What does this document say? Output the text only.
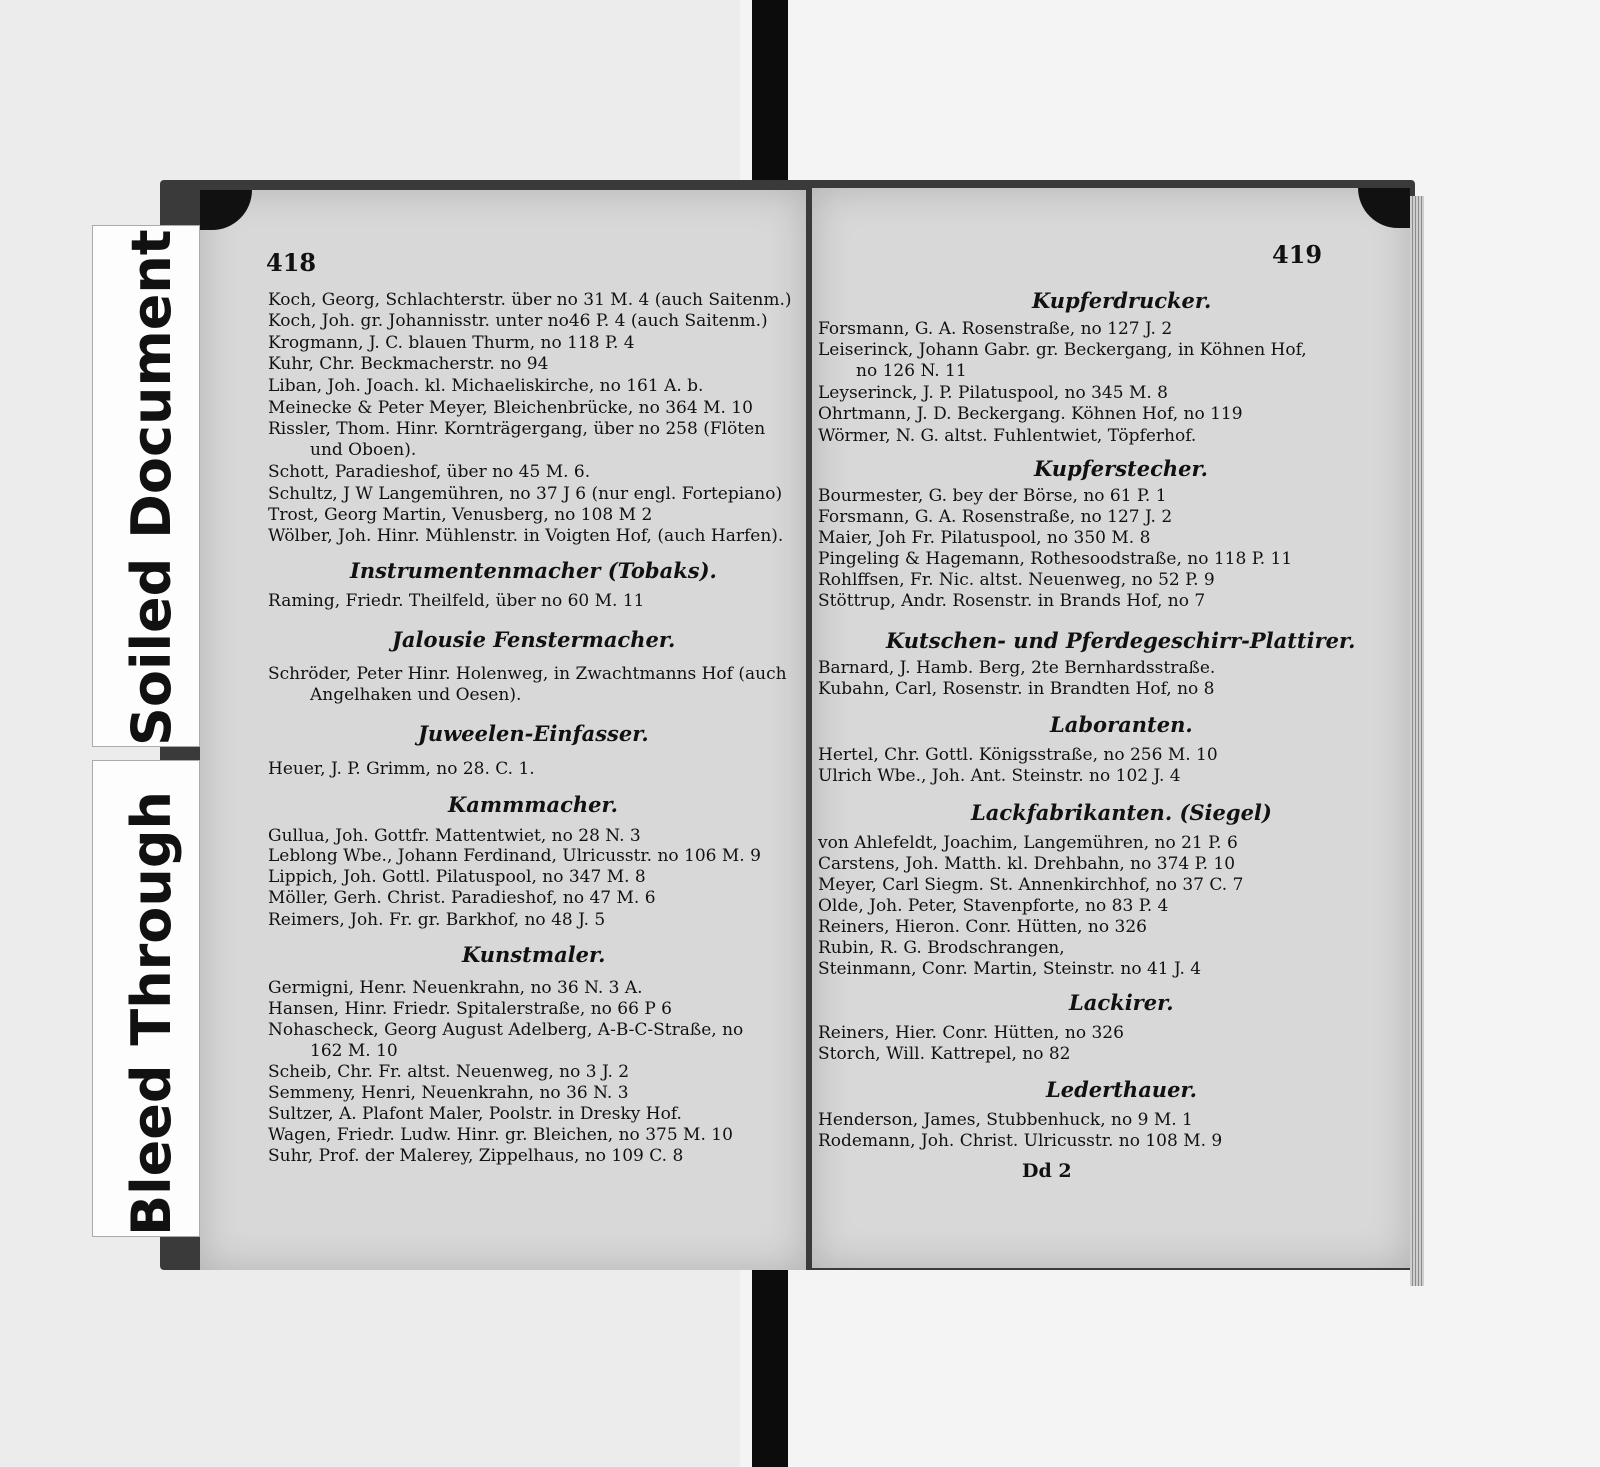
Soiled Document
Bleed Through
418
Koch, Georg, Schlachterstr. über no 31 M. 4 (auch Saitenm.)
Koch, Joh. gr. Johannisstr. unter no46 P. 4 (auch Saitenm.)
Krogmann, J. C. blauen Thurm, no 118 P. 4
Kuhr, Chr. Beckmacherstr. no 94
Liban, Joh. Joach. kl. Michaeliskirche, no 161 A. b.
Meinecke & Peter Meyer, Bleichenbrücke, no 364 M. 10
Rissler, Thom. Hinr. Kornträgergang, über no 258 (Flöten
und Oboen).
Schott, Paradieshof, über no 45 M. 6.
Schultz, J W Langemühren, no 37 J 6 (nur engl. Fortepiano)
Trost, Georg Martin, Venusberg, no 108 M 2
Wölber, Joh. Hinr. Mühlenstr. in Voigten Hof, (auch Harfen).
Instrumentenmacher (Tobaks).
Raming, Friedr. Theilfeld, über no 60 M. 11
Jalousie Fenstermacher.
Schröder, Peter Hinr. Holenweg, in Zwachtmanns Hof (auch
Angelhaken und Oesen).
Juweelen-Einfasser.
Heuer, J. P. Grimm, no 28. C. 1.
Kammmacher.
Gullua, Joh. Gottfr. Mattentwiet, no 28 N. 3
Leblong Wbe., Johann Ferdinand, Ulricusstr. no 106 M. 9
Lippich, Joh. Gottl. Pilatuspool, no 347 M. 8
Möller, Gerh. Christ. Paradieshof, no 47 M. 6
Reimers, Joh. Fr. gr. Barkhof, no 48 J. 5
Kunstmaler.
Germigni, Henr. Neuenkrahn, no 36 N. 3 A.
Hansen, Hinr. Friedr. Spitalerstraße, no 66 P 6
Nohascheck, Georg August Adelberg, A-B-C-Straße, no
162 M. 10
Scheib, Chr. Fr. altst. Neuenweg, no 3 J. 2
Semmeny, Henri, Neuenkrahn, no 36 N. 3
Sultzer, A. Plafont Maler, Poolstr. in Dresky Hof.
Wagen, Friedr. Ludw. Hinr. gr. Bleichen, no 375 M. 10
Suhr, Prof. der Malerey, Zippelhaus, no 109 C. 8
419
Kupferdrucker.
Forsmann, G. A. Rosenstraße, no 127 J. 2
Leiserinck, Johann Gabr. gr. Beckergang, in Köhnen Hof,
no 126 N. 11
Leyserinck, J. P. Pilatuspool, no 345 M. 8
Ohrtmann, J. D. Beckergang. Köhnen Hof, no 119
Wörmer, N. G. altst. Fuhlentwiet, Töpferhof.
Kupferstecher.
Bourmester, G. bey der Börse, no 61 P. 1
Forsmann, G. A. Rosenstraße, no 127 J. 2
Maier, Joh Fr. Pilatuspool, no 350 M. 8
Pingeling & Hagemann, Rothesoodstraße, no 118 P. 11
Rohlffsen, Fr. Nic. altst. Neuenweg, no 52 P. 9
Stöttrup, Andr. Rosenstr. in Brands Hof, no 7
Kutschen- und Pferdegeschirr-Plattirer.
Barnard, J. Hamb. Berg, 2te Bernhardsstraße.
Kubahn, Carl, Rosenstr. in Brandten Hof, no 8
Laboranten.
Hertel, Chr. Gottl. Königsstraße, no 256 M. 10
Ulrich Wbe., Joh. Ant. Steinstr. no 102 J. 4
Lackfabrikanten. (Siegel)
von Ahlefeldt, Joachim, Langemühren, no 21 P. 6
Carstens, Joh. Matth. kl. Drehbahn, no 374 P. 10
Meyer, Carl Siegm. St. Annenkirchhof, no 37 C. 7
Olde, Joh. Peter, Stavenpforte, no 83 P. 4
Reiners, Hieron. Conr. Hütten, no 326
Rubin, R. G. Brodschrangen,
Steinmann, Conr. Martin, Steinstr. no 41 J. 4
Lackirer.
Reiners, Hier. Conr. Hütten, no 326
Storch, Will. Kattrepel, no 82
Lederthauer.
Henderson, James, Stubbenhuck, no 9 M. 1
Rodemann, Joh. Christ. Ulricusstr. no 108 M. 9
Dd 2
